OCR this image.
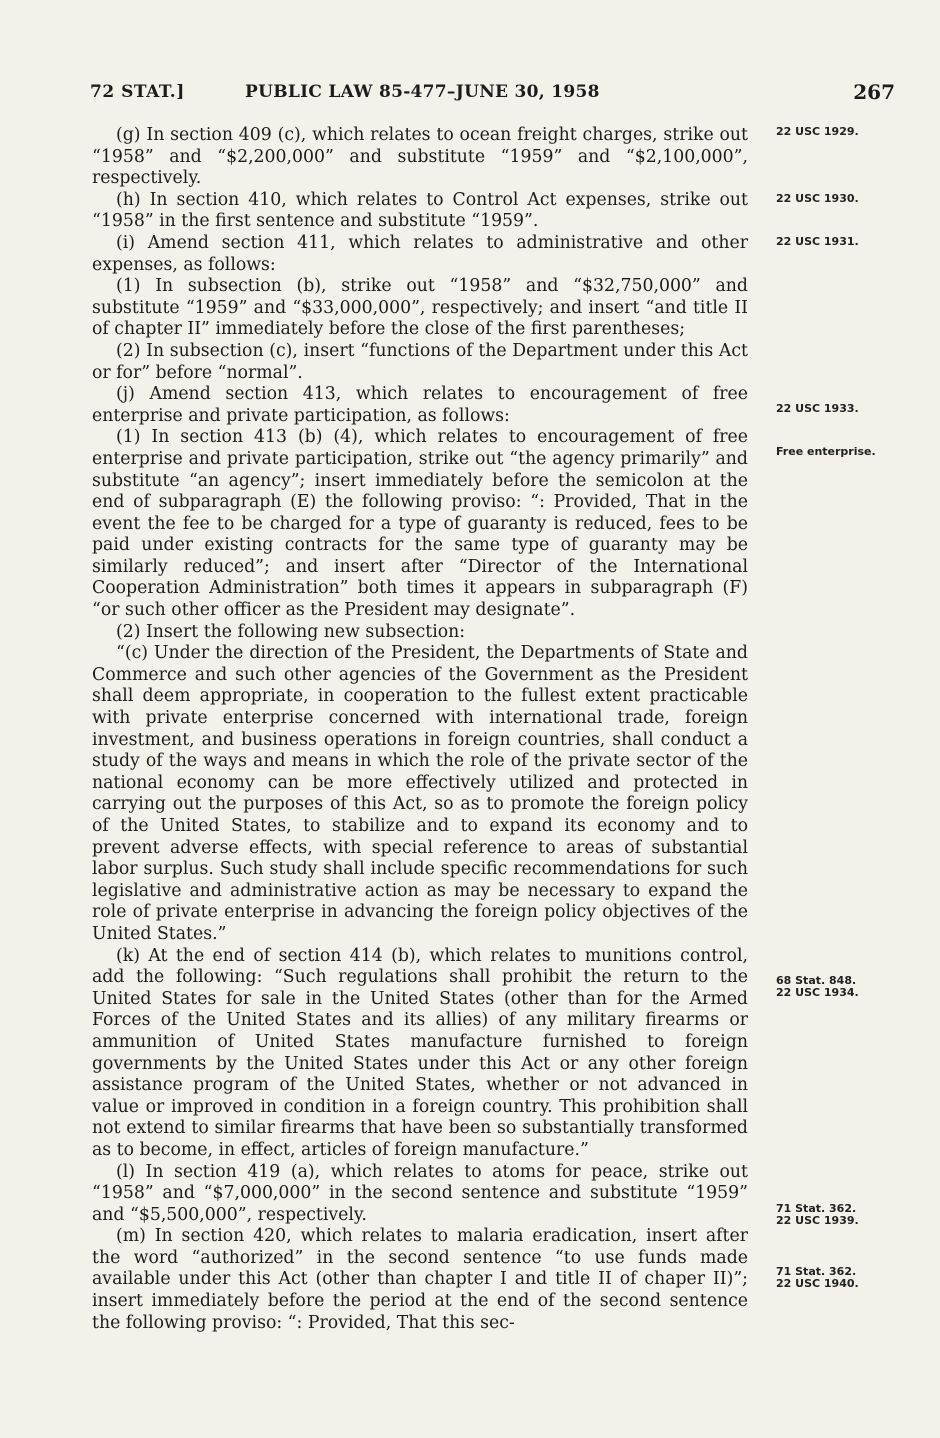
72 STAT.]	PUBLIC LAW 85-477–JUNE 30, 1958	267

(g) In section 409 (c), which relates to ocean freight charges, strike out “1958” and “$2,200,000” and substitute “1959” and “$2,100,000”, respectively.

(h) In section 410, which relates to Control Act expenses, strike out “1958” in the first sentence and substitute “1959”.

(i) Amend section 411, which relates to administrative and other expenses, as follows:

(1) In subsection (b), strike out “1958” and “$32,750,000” and substitute “1959” and “$33,000,000”, respectively; and insert “and title II of chapter II” immediately before the close of the first parentheses;

(2) In subsection (c), insert “functions of the Department under this Act or for” before “normal”.

(j) Amend section 413, which relates to encouragement of free enterprise and private participation, as follows:

(1) In section 413 (b) (4), which relates to encouragement of free enterprise and private participation, strike out “the agency primarily” and substitute “an agency”; insert immediately before the semicolon at the end of subparagraph (E) the following proviso: “: Provided, That in the event the fee to be charged for a type of guaranty is reduced, fees to be paid under existing contracts for the same type of guaranty may be similarly reduced”; and insert after “Director of the International Cooperation Administration” both times it appears in subparagraph (F) “or such other officer as the President may designate”.

(2) Insert the following new subsection:

“(c) Under the direction of the President, the Departments of State and Commerce and such other agencies of the Government as the President shall deem appropriate, in cooperation to the fullest extent practicable with private enterprise concerned with international trade, foreign investment, and business operations in foreign countries, shall conduct a study of the ways and means in which the role of the private sector of the national economy can be more effectively utilized and protected in carrying out the purposes of this Act, so as to promote the foreign policy of the United States, to stabilize and to expand its economy and to prevent adverse effects, with special reference to areas of substantial labor surplus. Such study shall include specific recommendations for such legislative and administrative action as may be necessary to expand the role of private enterprise in advancing the foreign policy objectives of the United States.”

(k) At the end of section 414 (b), which relates to munitions control, add the following: “Such regulations shall prohibit the return to the United States for sale in the United States (other than for the Armed Forces of the United States and its allies) of any military firearms or ammunition of United States manufacture furnished to foreign governments by the United States under this Act or any other foreign assistance program of the United States, whether or not advanced in value or improved in condition in a foreign country. This prohibition shall not extend to similar firearms that have been so substantially transformed as to become, in effect, articles of foreign manufacture.”

(l) In section 419 (a), which relates to atoms for peace, strike out “1958” and “$7,000,000” in the second sentence and substitute “1959” and “$5,500,000”, respectively.

(m) In section 420, which relates to malaria eradication, insert after the word “authorized” in the second sentence “to use funds made available under this Act (other than chapter I and title II of chaper II)”; insert immediately before the period at the end of the second sentence the following proviso: “: Provided, That this sec-

22 USC 1929.
22 USC 1930.
22 USC 1931.
22 USC 1933.
Free enterprise.
68 Stat. 848.
22 USC 1934.
71 Stat. 362.
22 USC 1939.
71 Stat. 362.
22 USC 1940.
